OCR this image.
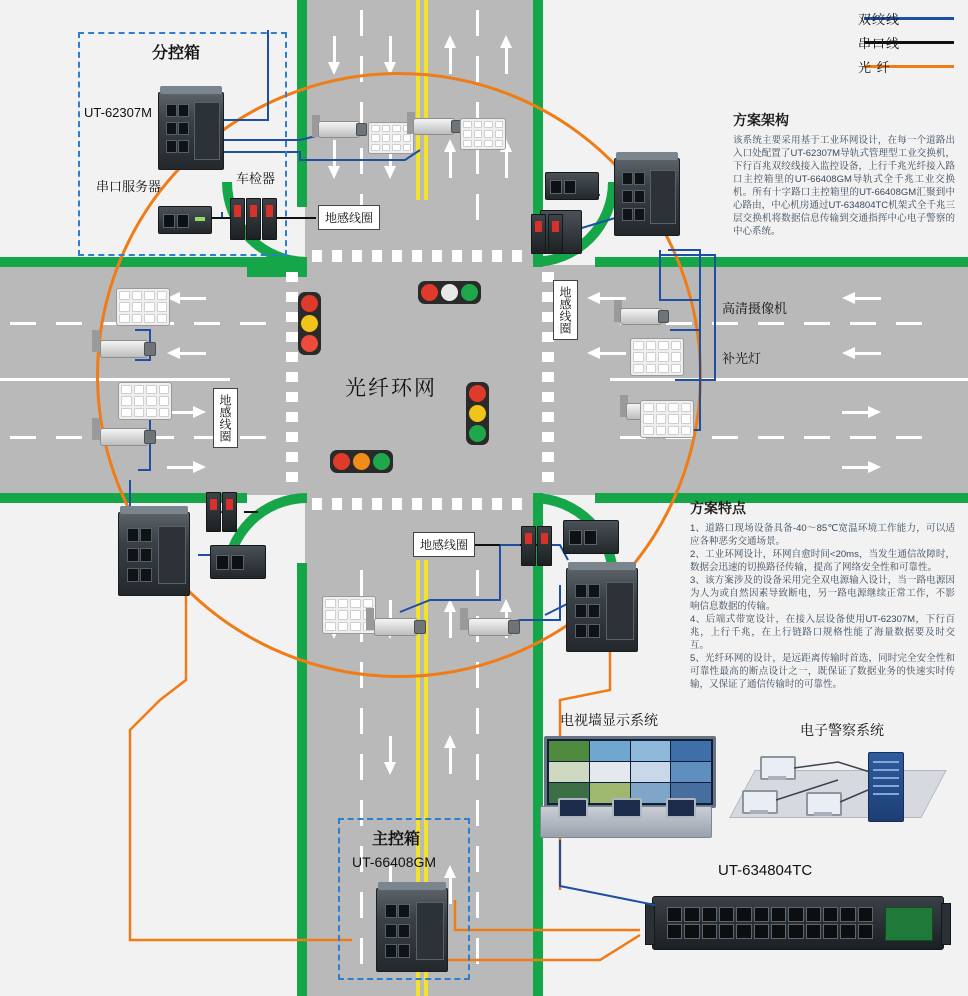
光纤环网
双绞线
串口线
光 纤
方案架构
该系统主要采用基于工业环网设计，在每一个道路出入口处配置了UT-62307M导轨式管理型工业交换机，下行百兆双绞线接入监控设备，上行千兆光纤接入路口主控箱里的UT-66408GM导轨式全千兆工业交换机。所有十字路口主控箱里的UT-66408GM汇聚到中心路由，中心机房通过UT-634804TC机架式全千兆三层交换机将数据信息传输到交通指挥中心电子警察的中心系统。
方案特点
1、道路口现场设备具备-40～85℃宽温环境工作能力，可以适应各种恶劣交通场景。
2、工业环网设计，环网自愈时间<20ms，当发生通信故障时，数据会迅速的切换路径传输，提高了网络安全性和可靠性。
3、该方案涉及的设备采用完全双电源输入设计，当一路电源因为人为或自然因素导致断电，另一路电源继续正常工作，不影响信息数据的传输。
4、后端式带宽设计，在接入层设备使用UT-62307M，下行百兆，上行千兆，在上行链路口规格性能了海量数据要及时交互。
5、光纤环网的设计，是远距离传输时首选，同时完全安全性和可靠性最高的断点设计之一，既保证了数据业务的快速实时传输，又保证了通信传输时的可靠性。
分控箱
UT-62307M
串口服务器
车检器
地感线圈
地感线圈	高清摄像机
补光灯
地感线圈
地感线圈
电视墙显示系统
电子警察系统
主控箱
UT-66408GM	UT-634804TC
